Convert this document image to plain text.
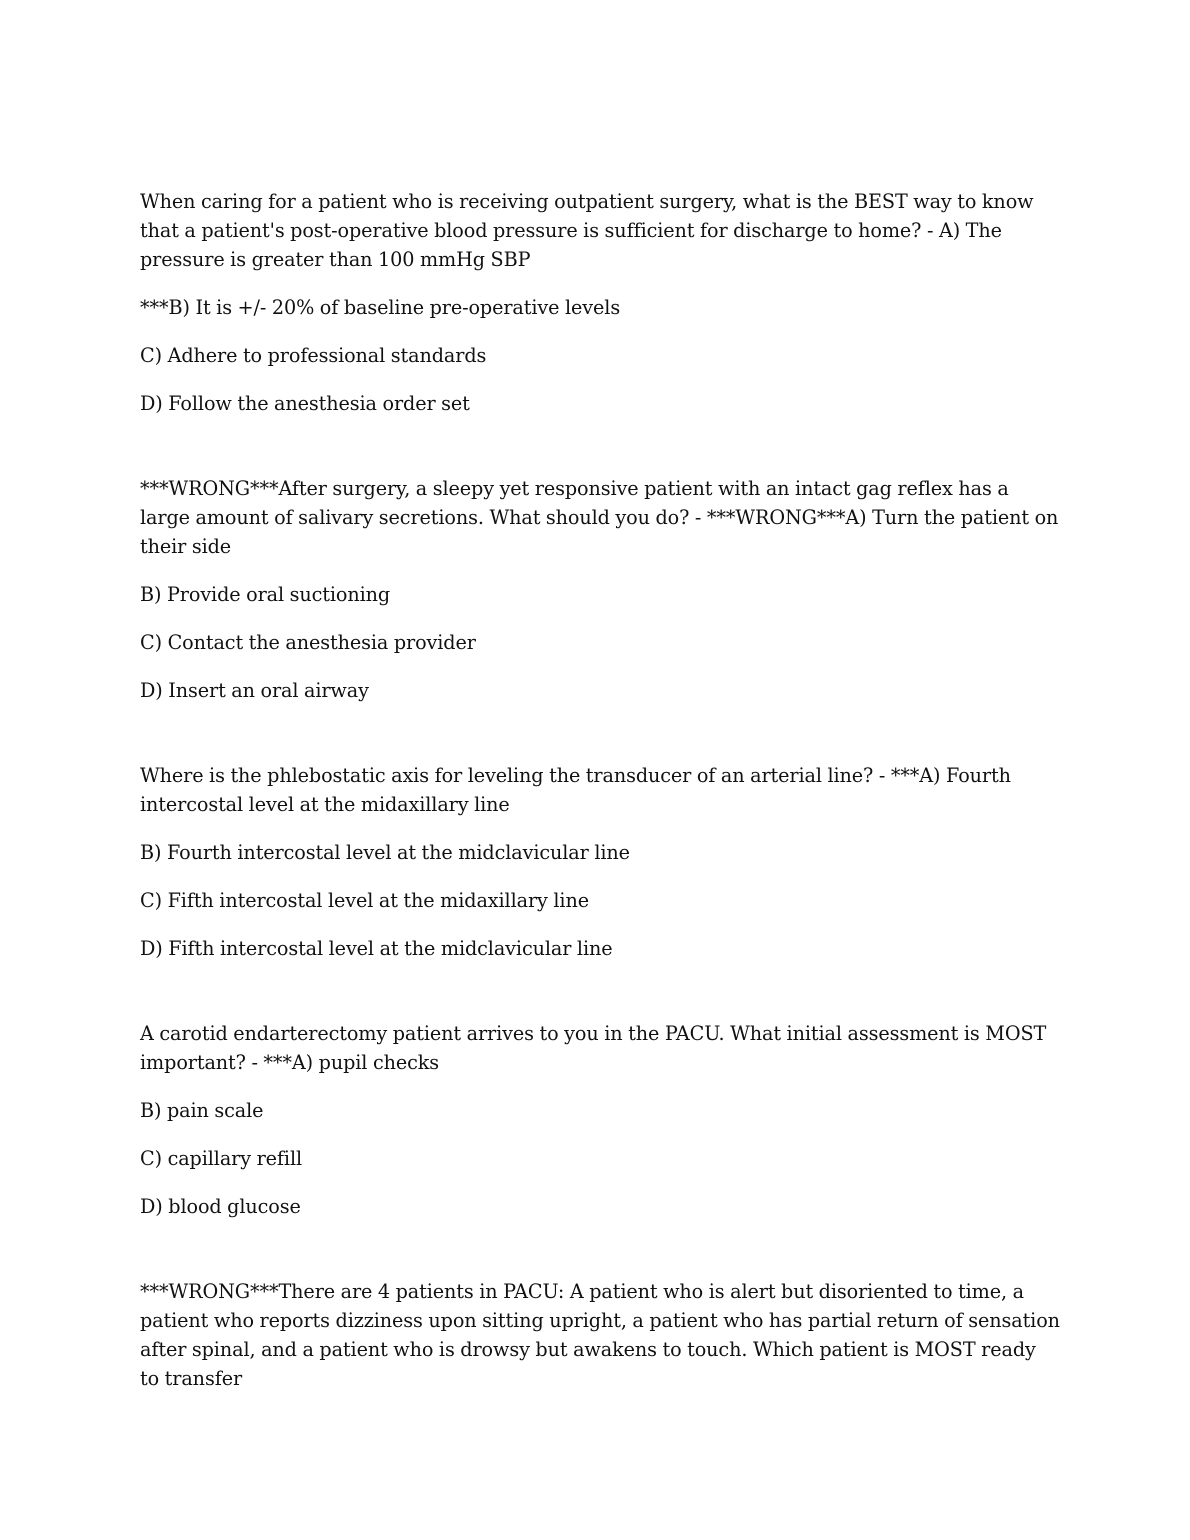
When caring for a patient who is receiving outpatient surgery, what is the BEST way to know that a patient's post-operative blood pressure is sufficient for discharge to home? - A) The pressure is greater than 100 mmHg SBP

***B) It is +/- 20% of baseline pre-operative levels

C) Adhere to professional standards

D) Follow the anesthesia order set

***WRONG***After surgery, a sleepy yet responsive patient with an intact gag reflex has a large amount of salivary secretions. What should you do? - ***WRONG***A) Turn the patient on their side

B) Provide oral suctioning

C) Contact the anesthesia provider

D) Insert an oral airway

Where is the phlebostatic axis for leveling the transducer of an arterial line? - ***A) Fourth intercostal level at the midaxillary line

B) Fourth intercostal level at the midclavicular line

C) Fifth intercostal level at the midaxillary line

D) Fifth intercostal level at the midclavicular line

A carotid endarterectomy patient arrives to you in the PACU. What initial assessment is MOST important? - ***A) pupil checks

B) pain scale

C) capillary refill

D) blood glucose

***WRONG***There are 4 patients in PACU: A patient who is alert but disoriented to time, a patient who reports dizziness upon sitting upright, a patient who has partial return of sensation after spinal, and a patient who is drowsy but awakens to touch. Which patient is MOST ready to transfer
